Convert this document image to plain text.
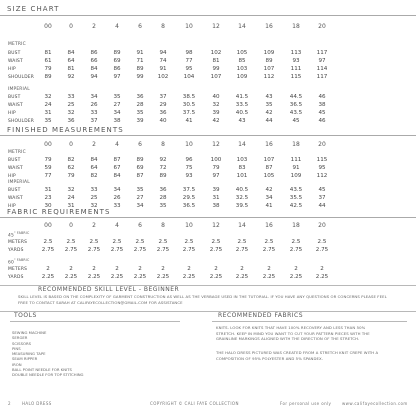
SIZE CHART
00	0	2	4	6	8	10	12	14	16	18	20
METRIC
BUST	81	84	86	89	91	94	98	102	105	109	113	117
WAIST	61	64	66	69	71	74	77	81	85	89	93	97
HIP	79	81	84	86	89	91	95	99	103	107	111	114
SHOULDER	89	92	94	97	99	102	104	107	109	112	115	117
IMPERIAL
BUST	32	33	34	35	36	37	38.5	40	41.5	43	44.5	46
WAIST	24	25	26	27	28	29	30.5	32	33.5	35	36.5	38
HIP	31	32	33	34	35	36	37.5	39	40.5	42	43.5	45
SHOULDER	35	36	37	38	39	40	41	42	43	44	45	46
FINISHED MEASUREMENTS
00	0	2	4	6	8	10	12	14	16	18	20
METRIC
BUST	79	82	84	87	89	92	96	100	103	107	111	115
WAIST	59	62	64	67	69	72	75	79	83	87	91	95
HIP	77	79	82	84	87	89	93	97	101	105	109	112
IMPERIAL
BUST	31	32	33	34	35	36	37.5	39	40.5	42	43.5	45
WAIST	23	24	25	26	27	28	29.5	31	32.5	34	35.5	37
HIP	30	31	32	33	34	35	36.5	38	39.5	41	42.5	44
FABRIC REQUIREMENTS
00	0	2	4	6	8	10	12	14	16	18	20
$45^{" FABRIC}$
METERS	2.5	2.5	2.5	2.5	2.5	2.5	2.5	2.5	2.5	2.5	2.5	2.5
YARDS	2.75	2.75	2.75	2.75	2.75	2.75	2.75	2.75	2.75	2.75	2.75	2.75
$60^{" FABRIC}$
METERS	2	2	2	2	2	2	2	2	2	2	2	2
YARDS	2.25	2.25	2.25	2.25	2.25	2.25	2.25	2.25	2.25	2.25	2.25	2.25
RECOMMENDED SKILL LEVEL - BEGINNER
SKILL LEVEL IS BASED ON THE COMPLEXITY OF GARMENT CONSTRUCTION AS WELL AS THE VERBAGE USED IN THE TUTORIAL. IF YOU HAVE ANY QUESTIONS OR CONCERNS PLEASE FEEL FREE TO CONTACT SARAH AT CALIFAYECOLLECTION@GMAIL.COM FOR ASSISTANCE
TOOLS
SEWING MACHINE
SERGER
SCISSORS
PINS
MEASURING TAPE
SEAM RIPPER
IRON
BALL POINT NEEDLE FOR KNITS
DOUBLE NEEDLE FOR TOP STITCHING
RECOMMENDED FABRICS
KNITS. LOOK FOR KNITS THAT HAVE 100% RECOVERY AND LESS THAN 50% STRETCH. KEEP IN MIND YOU WANT TO CUT YOUR PATTERN PIECES WITH THE GRAINLINE MARKINGS ALIGNED WITH THE DIRECTION OF THE STRETCH.
THE HALO DRESS PICTURED WAS CREATED FROM A STRETCH KNIT CREPE WITH A COMPOSITION OF 95% POLYESTER AND 5% SPANDEX.
2	HALO DRESS	COPYRIGHT © CALI FAYE COLLECTION	For personal use only	www.califayecollection.com
